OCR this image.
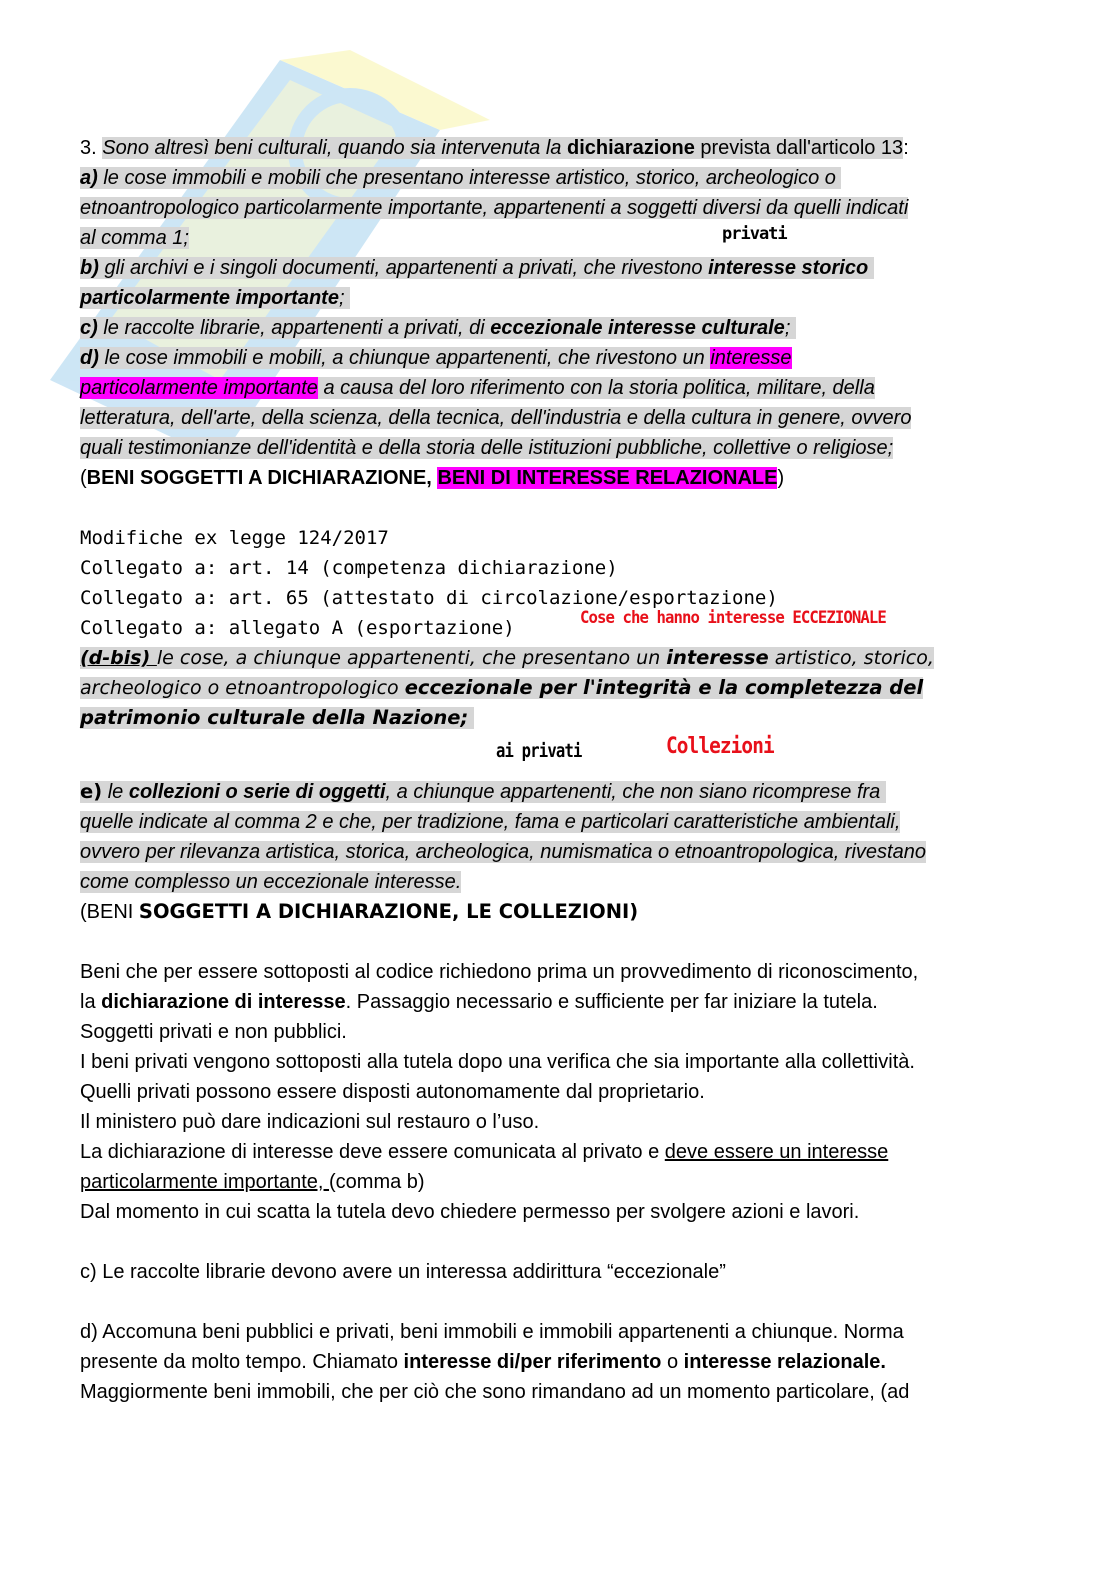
3. Sono altresì beni culturali, quando sia intervenuta la dichiarazione prevista dall'articolo 13:
a) le cose immobili e mobili che presentano interesse artistico, storico, archeologico o
etnoantropologico particolarmente importante, appartenenti a soggetti diversi da quelli indicati
al comma 1;
b) gli archivi e i singoli documenti, appartenenti a privati, che rivestono interesse storico
particolarmente importante;
c) le raccolte librarie, appartenenti a privati, di eccezionale interesse culturale;
d) le cose immobili e mobili, a chiunque appartenenti, che rivestono un interesse
particolarmente importante a causa del loro riferimento con la storia politica, militare, della
letteratura, dell'arte, della scienza, della tecnica, dell'industria e della cultura in genere, ovvero
quali testimonianze dell'identità e della storia delle istituzioni pubbliche, collettive o religiose;
(BENI SOGGETTI A DICHIARAZIONE, BENI DI INTERESSE RELAZIONALE)
Modifiche ex legge 124/2017
Collegato a: art. 14 (competenza dichiarazione)
Collegato a: art. 65 (attestato di circolazione/esportazione)
Collegato a: allegato A (esportazione)
(d-bis) le cose, a chiunque appartenenti, che presentano un interesse artistico, storico,
archeologico o etnoantropologico eccezionale per l'integrità e la completezza del
patrimonio culturale della Nazione;
e) le collezioni o serie di oggetti, a chiunque appartenenti, che non siano ricomprese fra
quelle indicate al comma 2 e che, per tradizione, fama e particolari caratteristiche ambientali,
ovvero per rilevanza artistica, storica, archeologica, numismatica o etnoantropologica, rivestano
come complesso un eccezionale interesse.
(BENI SOGGETTI A DICHIARAZIONE, LE COLLEZIONI)
Beni che per essere sottoposti al codice richiedono prima un provvedimento di riconoscimento,
la dichiarazione di interesse. Passaggio necessario e sufficiente per far iniziare la tutela.
Soggetti privati e non pubblici.
I beni privati vengono sottoposti alla tutela dopo una verifica che sia importante alla collettività.
Quelli privati possono essere disposti autonomamente dal proprietario.
Il ministero può dare indicazioni sul restauro o l’uso.
La dichiarazione di interesse deve essere comunicata al privato e deve essere un interesse
particolarmente importante, (comma b)
Dal momento in cui scatta la tutela devo chiedere permesso per svolgere azioni e lavori.
c) Le raccolte librarie devono avere un interessa addirittura “eccezionale”
d) Accomuna beni pubblici e privati, beni immobili e immobili appartenenti a chiunque. Norma
presente da molto tempo. Chiamato interesse di/per riferimento o interesse relazionale.
Maggiormente beni immobili, che per ciò che sono rimandano ad un momento particolare, (ad
privati
Cose che hanno interesse ECCEZIONALE
ai privati	Collezioni
